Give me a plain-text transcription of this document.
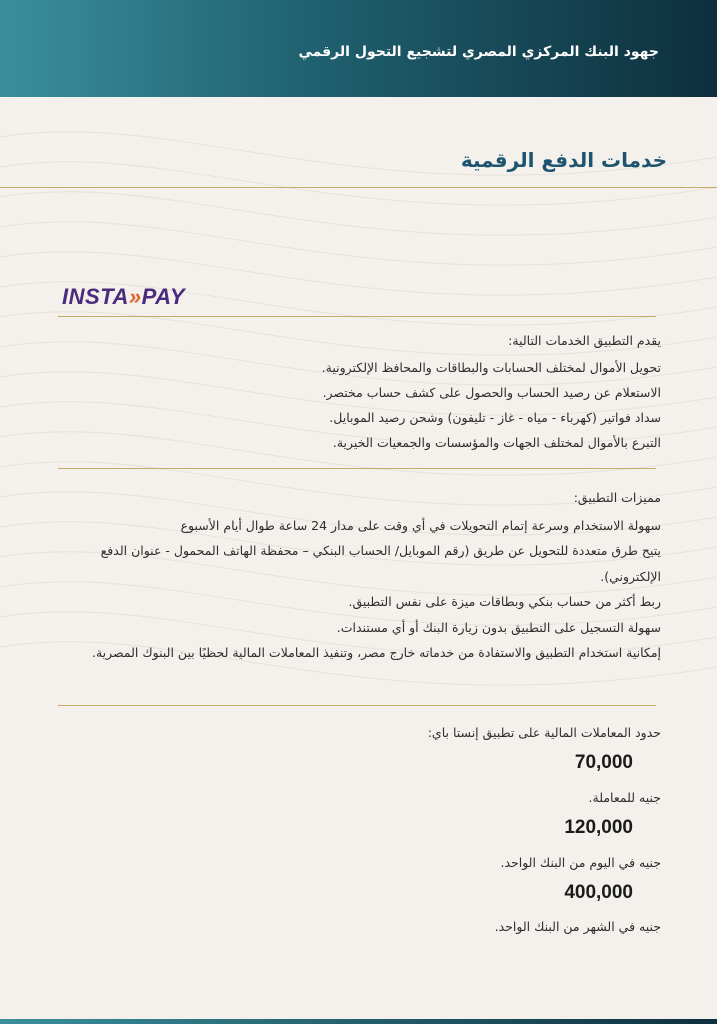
جهود البنك المركزي المصري لتشجيع التحول الرقمي
خدمات الدفع الرقمية
INSTA»PAY

يقدم التطبيق الخدمات التالية:

تحويل الأموال لمختلف الحسابات والبطاقات والمحافظ الإلكترونية.

الاستعلام عن رصيد الحساب والحصول على كشف حساب مختصر.

سداد فواتير (كهرباء - مياه - غاز - تليفون) وشحن رصيد الموبايل.

التبرع بالأموال لمختلف الجهات والمؤسسات والجمعيات الخيرية.

مميزات التطبيق:

سهولة الاستخدام وسرعة إتمام التحويلات في أي وقت على مدار 24 ساعة طوال أيام الأسبوع

يتيح طرق متعددة للتحويل عن طريق (رقم الموبايل/ الحساب البنكي – محفظة الهاتف المحمول - عنوان الدفع الإلكتروني).

ربط أكثر من حساب بنكي وبطاقات ميزة على نفس التطبيق.

سهولة التسجيل على التطبيق بدون زيارة البنك أو أي مستندات.

إمكانية استخدام التطبيق والاستفادة من خدماته خارج مصر، وتنفيذ المعاملات المالية لحظيًا بين البنوك المصرية.

حدود المعاملات المالية على تطبيق إنستا باي:

70,000
جنيه للمعاملة.
120,000
جنيه في اليوم من البنك الواحد.
400,000
جنيه في الشهر من البنك الواحد.
